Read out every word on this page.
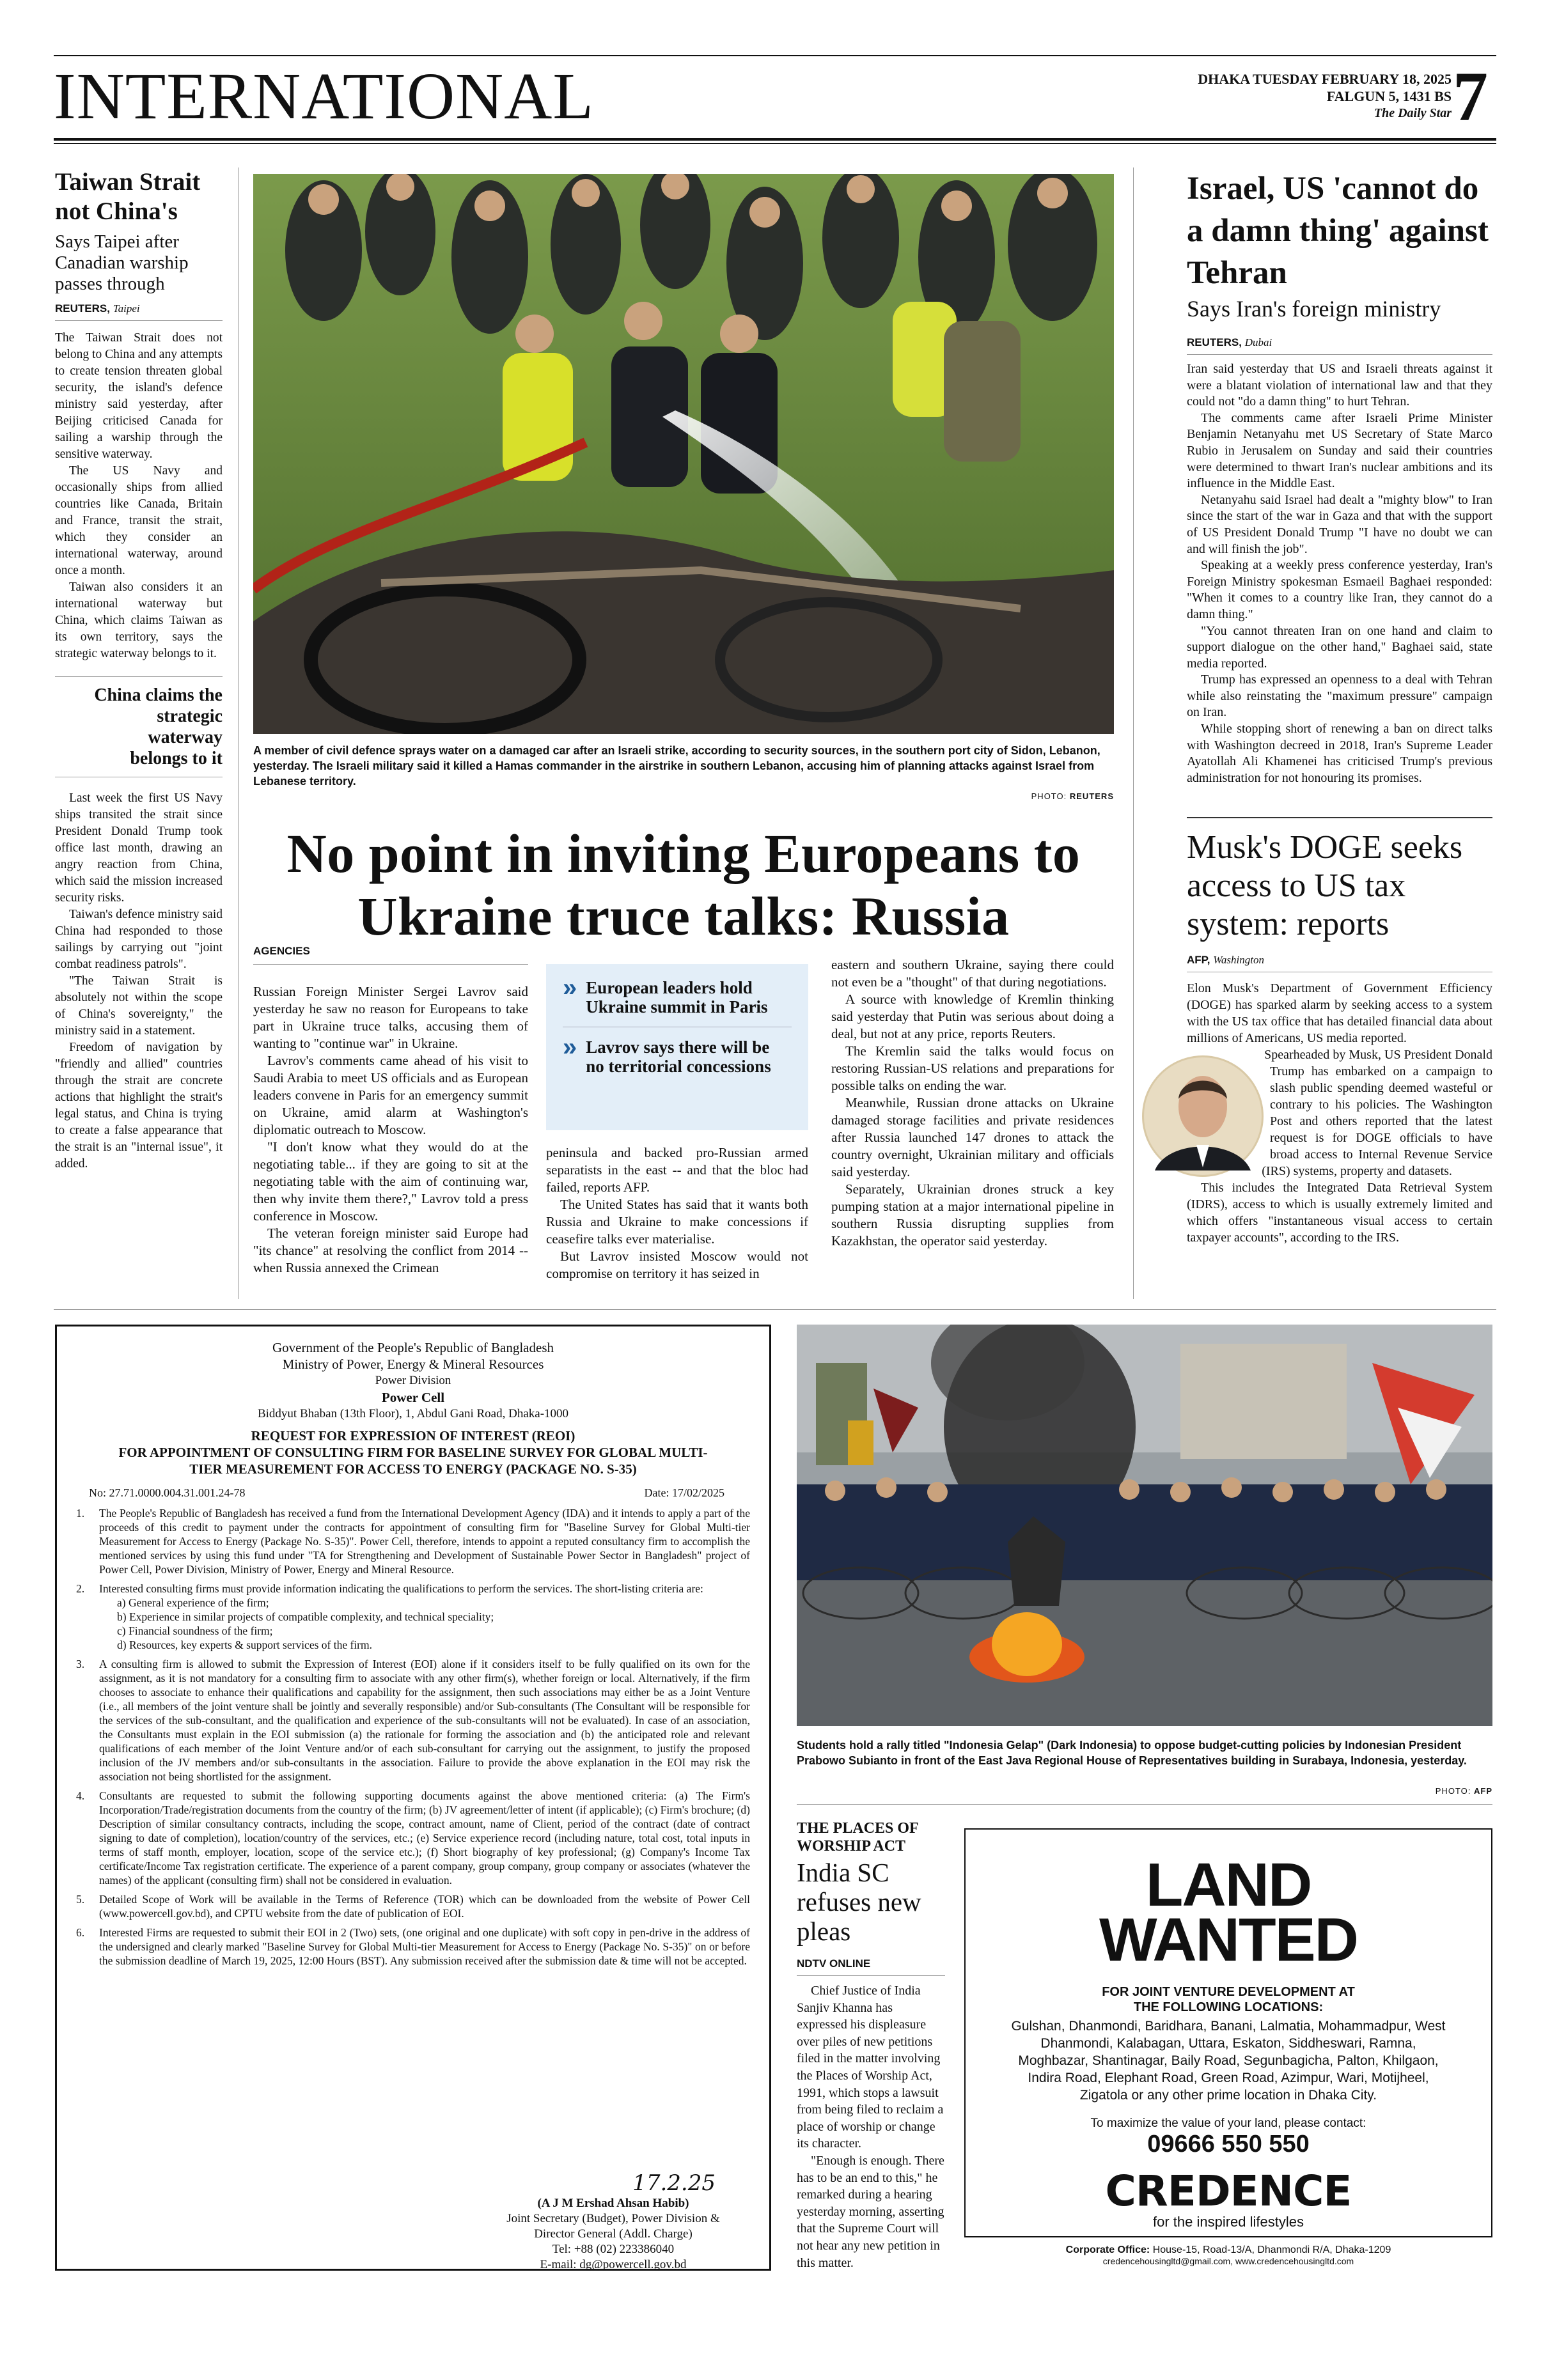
INTERNATIONAL	DHAKA TUESDAY FEBRUARY 18, 2025
FALGUN 5, 1431 BS
The Daily Star 7
Taiwan Strait not China's
Says Taipei after Canadian warship passes through
REUTERS, Taipei

The Taiwan Strait does not belong to China and any attempts to create tension threaten global security, the island's defence ministry said yesterday, after Beijing criticised Canada for sailing a warship through the sensitive waterway.

The US Navy and occasionally ships from allied countries like Canada, Britain and France, transit the strait, which they consider an international waterway, around once a month.

Taiwan also considers it an international waterway but China, which claims Taiwan as its own territory, says the strategic waterway belongs to it.

China claims the strategic waterway belongs to it

Last week the first US Navy ships transited the strait since President Donald Trump took office last month, drawing an angry reaction from China, which said the mission increased security risks.

Taiwan's defence ministry said China had responded to those sailings by carrying out "joint combat readiness patrols".

"The Taiwan Strait is absolutely not within the scope of China's sovereignty," the ministry said in a statement.

Freedom of navigation by "friendly and allied" countries through the strait are concrete actions that highlight the strait's legal status, and China is trying to create a false appearance that the strait is an "internal issue", it added.

A member of civil defence sprays water on a damaged car after an Israeli strike, according to security sources, in the southern port city of Sidon, Lebanon, yesterday. The Israeli military said it killed a Hamas commander in the airstrike in southern Lebanon, accusing him of planning attacks against Israel from Lebanese territory.
PHOTO: REUTERS
No point in inviting Europeans to Ukraine truce talks: Russia
AGENCIES

Russian Foreign Minister Sergei Lavrov said yesterday he saw no reason for Europeans to take part in Ukraine truce talks, accusing them of wanting to "continue war" in Ukraine.

Lavrov's comments came ahead of his visit to Saudi Arabia to meet US officials and as European leaders convene in Paris for an emergency summit on Ukraine, amid alarm at Washington's diplomatic outreach to Moscow.

"I don't know what they would do at the negotiating table... if they are going to sit at the negotiating table with the aim of continuing war, then why invite them there?," Lavrov told a press conference in Moscow.

The veteran foreign minister said Europe had "its chance" at resolving the conflict from 2014 -- when Russia annexed the Crimean

» European leaders hold Ukraine summit in Paris
» Lavrov says there will be no territorial concessions

peninsula and backed pro-Russian armed separatists in the east -- and that the bloc had failed, reports AFP.

The United States has said that it wants both Russia and Ukraine to make concessions if ceasefire talks ever materialise.

But Lavrov insisted Moscow would not compromise on territory it has seized in

eastern and southern Ukraine, saying there could not even be a "thought" of that during negotiations.

A source with knowledge of Kremlin thinking said yesterday that Putin was serious about doing a deal, but not at any price, reports Reuters.

The Kremlin said the talks would focus on restoring Russian-US relations and preparations for possible talks on ending the war.

Meanwhile, Russian drone attacks on Ukraine damaged storage facilities and private residences after Russia launched 147 drones to attack the country overnight, Ukrainian military and officials said yesterday.

Separately, Ukrainian drones struck a key pumping station at a major international pipeline in southern Russia disrupting supplies from Kazakhstan, the operator said yesterday.

Israel, US 'cannot do a damn thing' against Tehran
Says Iran's foreign ministry
REUTERS, Dubai

Iran said yesterday that US and Israeli threats against it were a blatant violation of international law and that they could not "do a damn thing" to hurt Tehran.

The comments came after Israeli Prime Minister Benjamin Netanyahu met US Secretary of State Marco Rubio in Jerusalem on Sunday and said their countries were determined to thwart Iran's nuclear ambitions and its influence in the Middle East.

Netanyahu said Israel had dealt a "mighty blow" to Iran since the start of the war in Gaza and that with the support of US President Donald Trump "I have no doubt we can and will finish the job".

Speaking at a weekly press conference yesterday, Iran's Foreign Ministry spokesman Esmaeil Baghaei responded: "When it comes to a country like Iran, they cannot do a damn thing."

"You cannot threaten Iran on one hand and claim to support dialogue on the other hand," Baghaei said, state media reported.

Trump has expressed an openness to a deal with Tehran while also reinstating the "maximum pressure" campaign on Iran.

While stopping short of renewing a ban on direct talks with Washington decreed in 2018, Iran's Supreme Leader Ayatollah Ali Khamenei has criticised Trump's previous administration for not honouring its promises.

Musk's DOGE seeks access to US tax system: reports
AFP, Washington

Elon Musk's Department of Government Efficiency (DOGE) has sparked alarm by seeking access to a system with the US tax office that has detailed financial data about millions of Americans, US media reported.

Spearheaded by Musk, US President Donald Trump has embarked on a campaign to slash public spending deemed wasteful or contrary to his policies. The Washington Post and others reported that the latest request is for DOGE officials to have broad access to Internal Revenue Service (IRS) systems, property and datasets.

This includes the Integrated Data Retrieval System (IDRS), access to which is usually extremely limited and which offers "instantaneous visual access to certain taxpayer accounts", according to the IRS.

Government of the People's Republic of Bangladesh
Ministry of Power, Energy & Mineral Resources
Power Division
Power Cell
Biddyut Bhaban (13th Floor), 1, Abdul Gani Road, Dhaka-1000
REQUEST FOR EXPRESSION OF INTEREST (REOI)
FOR APPOINTMENT OF CONSULTING FIRM FOR BASELINE SURVEY FOR GLOBAL MULTI-TIER MEASUREMENT FOR ACCESS TO ENERGY (PACKAGE NO. S-35)
No: 27.71.0000.004.31.001.24-78	Date: 17/02/2025
1.	The People's Republic of Bangladesh has received a fund from the International Development Agency (IDA) and it intends to apply a part of the proceeds of this credit to payment under the contracts for appointment of consulting firm for "Baseline Survey for Global Multi-tier Measurement for Access to Energy (Package No. S-35)". Power Cell, therefore, intends to appoint a reputed consultancy firm to accomplish the mentioned services by using this fund under "TA for Strengthening and Development of Sustainable Power Sector in Bangladesh" project of Power Cell, Power Division, Ministry of Power, Energy and Mineral Resource.
2.	Interested consulting firms must provide information indicating the qualifications to perform the services. The short-listing criteria are:
a) General experience of the firm;
b) Experience in similar projects of compatible complexity, and technical speciality;
c) Financial soundness of the firm;
d) Resources, key experts & support services of the firm.
3.	A consulting firm is allowed to submit the Expression of Interest (EOI) alone if it considers itself to be fully qualified on its own for the assignment, as it is not mandatory for a consulting firm to associate with any other firm(s), whether foreign or local. Alternatively, if the firm chooses to associate to enhance their qualifications and capability for the assignment, then such associations may either be as a Joint Venture (i.e., all members of the joint venture shall be jointly and severally responsible) and/or Sub-consultants (The Consultant will be responsible for the services of the sub-consultant, and the qualification and experience of the sub-consultants will not be evaluated). In case of an association, the Consultants must explain in the EOI submission (a) the rationale for forming the association and (b) the anticipated role and relevant qualifications of each member of the Joint Venture and/or of each sub-consultant for carrying out the assignment, to justify the proposed inclusion of the JV members and/or sub-consultants in the association. Failure to provide the above explanation in the EOI may risk the association not being shortlisted for the assignment.
4.	Consultants are requested to submit the following supporting documents against the above mentioned criteria: (a) The Firm's Incorporation/Trade/registration documents from the country of the firm; (b) JV agreement/letter of intent (if applicable); (c) Firm's brochure; (d) Description of similar consultancy contracts, including the scope, contract amount, name of Client, period of the contract (date of contract signing to date of completion), location/country of the services, etc.; (e) Service experience record (including nature, total cost, total inputs in terms of staff month, employer, location, scope of the service etc.); (f) Short biography of key professional; (g) Company's Income Tax certificate/Income Tax registration certificate. The experience of a parent company, group company, group company or associates (whatever the names) of the applicant (consulting firm) shall not be considered in evaluation.
5.	Detailed Scope of Work will be available in the Terms of Reference (TOR) which can be downloaded from the website of Power Cell (www.powercell.gov.bd), and CPTU website from the date of publication of EOI.
6.	Interested Firms are requested to submit their EOI in 2 (Two) sets, (one original and one duplicate) with soft copy in pen-drive in the address of the undersigned and clearly marked "Baseline Survey for Global Multi-tier Measurement for Access to Energy (Package No. S-35)" on or before the submission deadline of March 19, 2025, 12:00 Hours (BST). Any submission received after the submission date & time will not be accepted.
17.2.25
(A J M Ershad Ahsan Habib)
Joint Secretary (Budget), Power Division &
Director General (Addl. Charge)
Tel: +88 (02) 223386040
E-mail: dg@powercell.gov.bd
Students hold a rally titled "Indonesia Gelap" (Dark Indonesia) to oppose budget-cutting policies by Indonesian President Prabowo Subianto in front of the East Java Regional House of Representatives building in Surabaya, Indonesia, yesterday.
PHOTO: AFP
THE PLACES OF WORSHIP ACT
India SC refuses new pleas
NDTV ONLINE

Chief Justice of India Sanjiv Khanna has expressed his displeasure over piles of new petitions filed in the matter involving the Places of Worship Act, 1991, which stops a lawsuit from being filed to reclaim a place of worship or change its character.

"Enough is enough. There has to be an end to this," he remarked during a hearing yesterday morning, asserting that the Supreme Court will not hear any new petition in this matter.

LAND
WANTED
FOR JOINT VENTURE DEVELOPMENT AT
THE FOLLOWING LOCATIONS:
Gulshan, Dhanmondi, Baridhara, Banani, Lalmatia, Mohammadpur, West Dhanmondi, Kalabagan, Uttara, Eskaton, Siddheswari, Ramna, Moghbazar, Shantinagar, Baily Road, Segunbagicha, Palton, Khilgaon, Indira Road, Elephant Road, Green Road, Azimpur, Wari, Motijheel, Zigatola or any other prime location in Dhaka City.
To maximize the value of your land, please contact:
09666 550 550
CREDENCE
for the inspired lifestyles
Corporate Office: House-15, Road-13/A, Dhanmondi R/A, Dhaka-1209
credencehousingltd@gmail.com, www.credencehousingltd.com
